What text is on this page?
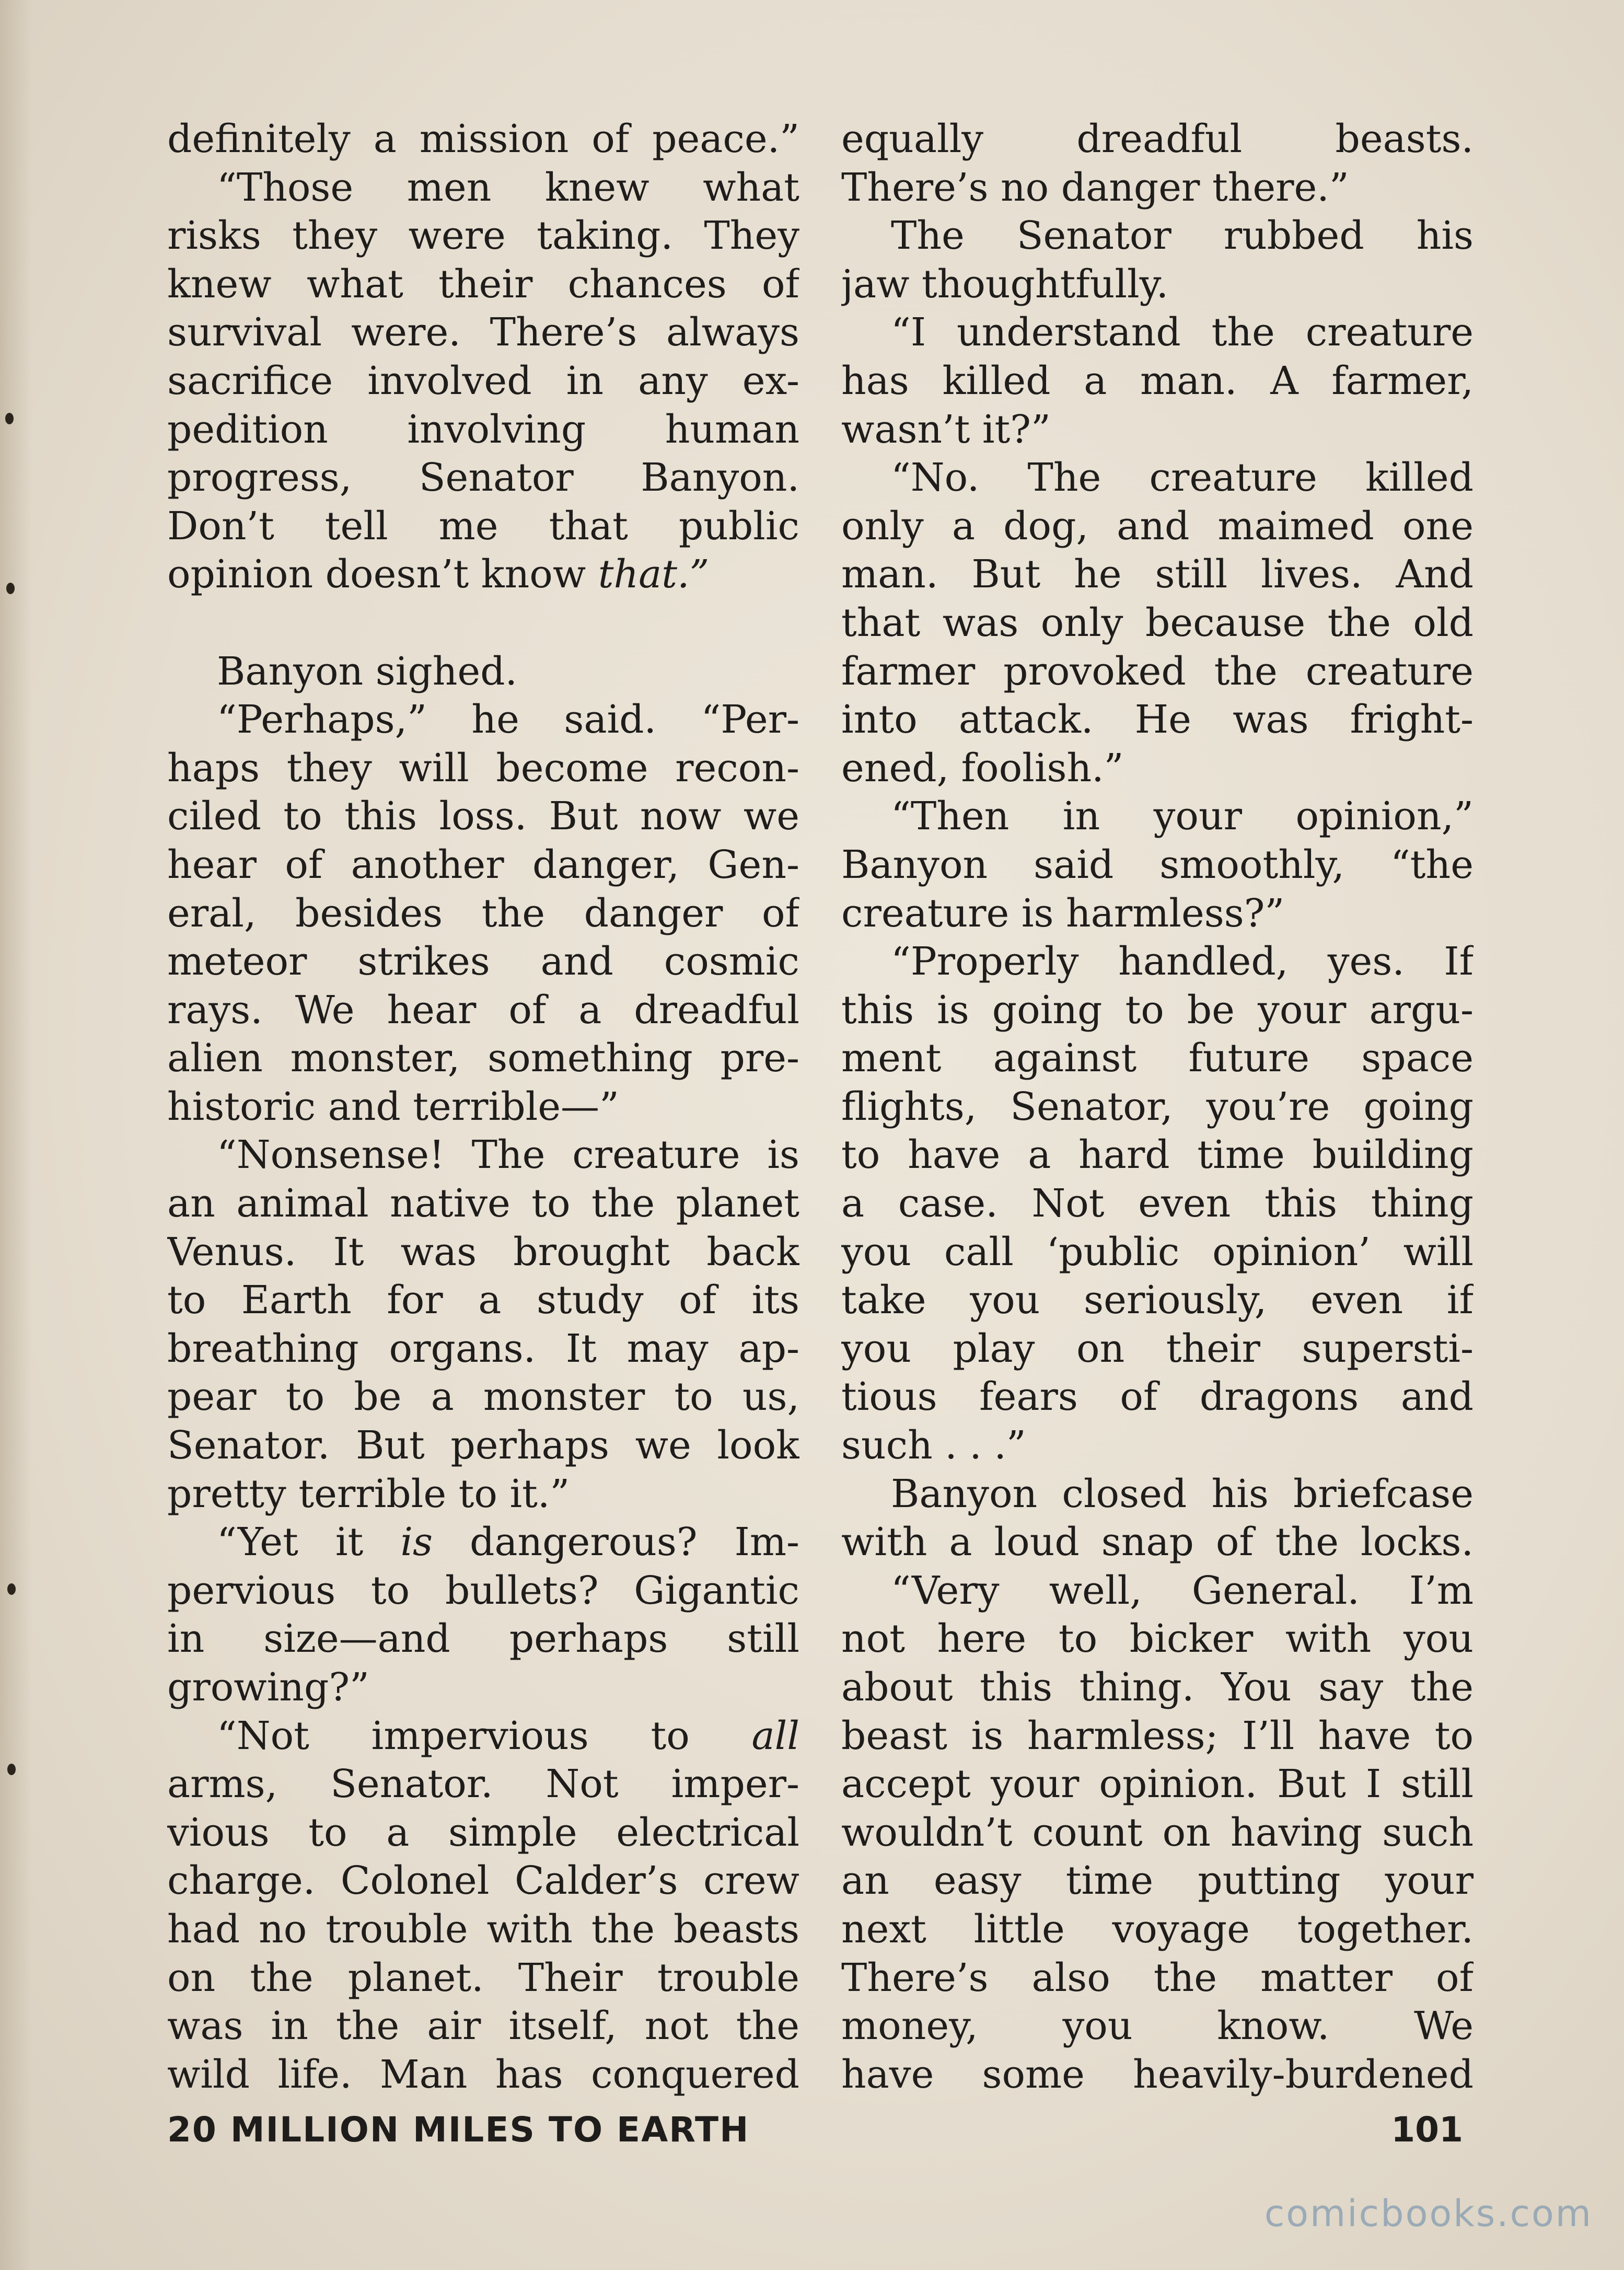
definitely a mission of peace.”
“Those men knew what
risks they were taking. They
knew what their chances of
survival were. There’s always
sacrifice involved in any ex-
pedition involving human
progress, Senator Banyon.
Don’t tell me that public
opinion doesn’t know that.”
Banyon sighed.
“Perhaps,” he said. “Per-
haps they will become recon-
ciled to this loss. But now we
hear of another danger, Gen-
eral, besides the danger of
meteor strikes and cosmic
rays. We hear of a dreadful
alien monster, something pre-
historic and terrible—”
“Nonsense! The creature is
an animal native to the planet
Venus. It was brought back
to Earth for a study of its
breathing organs. It may ap-
pear to be a monster to us,
Senator. But perhaps we look
pretty terrible to it.”
“Yet it is dangerous? Im-
pervious to bullets? Gigantic
in size—and perhaps still
growing?”
“Not impervious to all
arms, Senator. Not imper-
vious to a simple electrical
charge. Colonel Calder’s crew
had no trouble with the beasts
on the planet. Their trouble
was in the air itself, not the
wild life. Man has conquered
equally dreadful beasts.
There’s no danger there.”
The Senator rubbed his
jaw thoughtfully.
“I understand the creature
has killed a man. A farmer,
wasn’t it?”
“No. The creature killed
only a dog, and maimed one
man. But he still lives. And
that was only because the old
farmer provoked the creature
into attack. He was fright-
ened, foolish.”
“Then in your opinion,”
Banyon said smoothly, “the
creature is harmless?”
“Properly handled, yes. If
this is going to be your argu-
ment against future space
flights, Senator, you’re going
to have a hard time building
a case. Not even this thing
you call ‘public opinion’ will
take you seriously, even if
you play on their supersti-
tious fears of dragons and
such . . .”
Banyon closed his briefcase
with a loud snap of the locks.
“Very well, General. I’m
not here to bicker with you
about this thing. You say the
beast is harmless; I’ll have to
accept your opinion. But I still
wouldn’t count on having such
an easy time putting your
next little voyage together.
There’s also the matter of
money, you know. We
have some heavily-burdened
20 MILLION MILES TO EARTH	101
comicbooks.com
